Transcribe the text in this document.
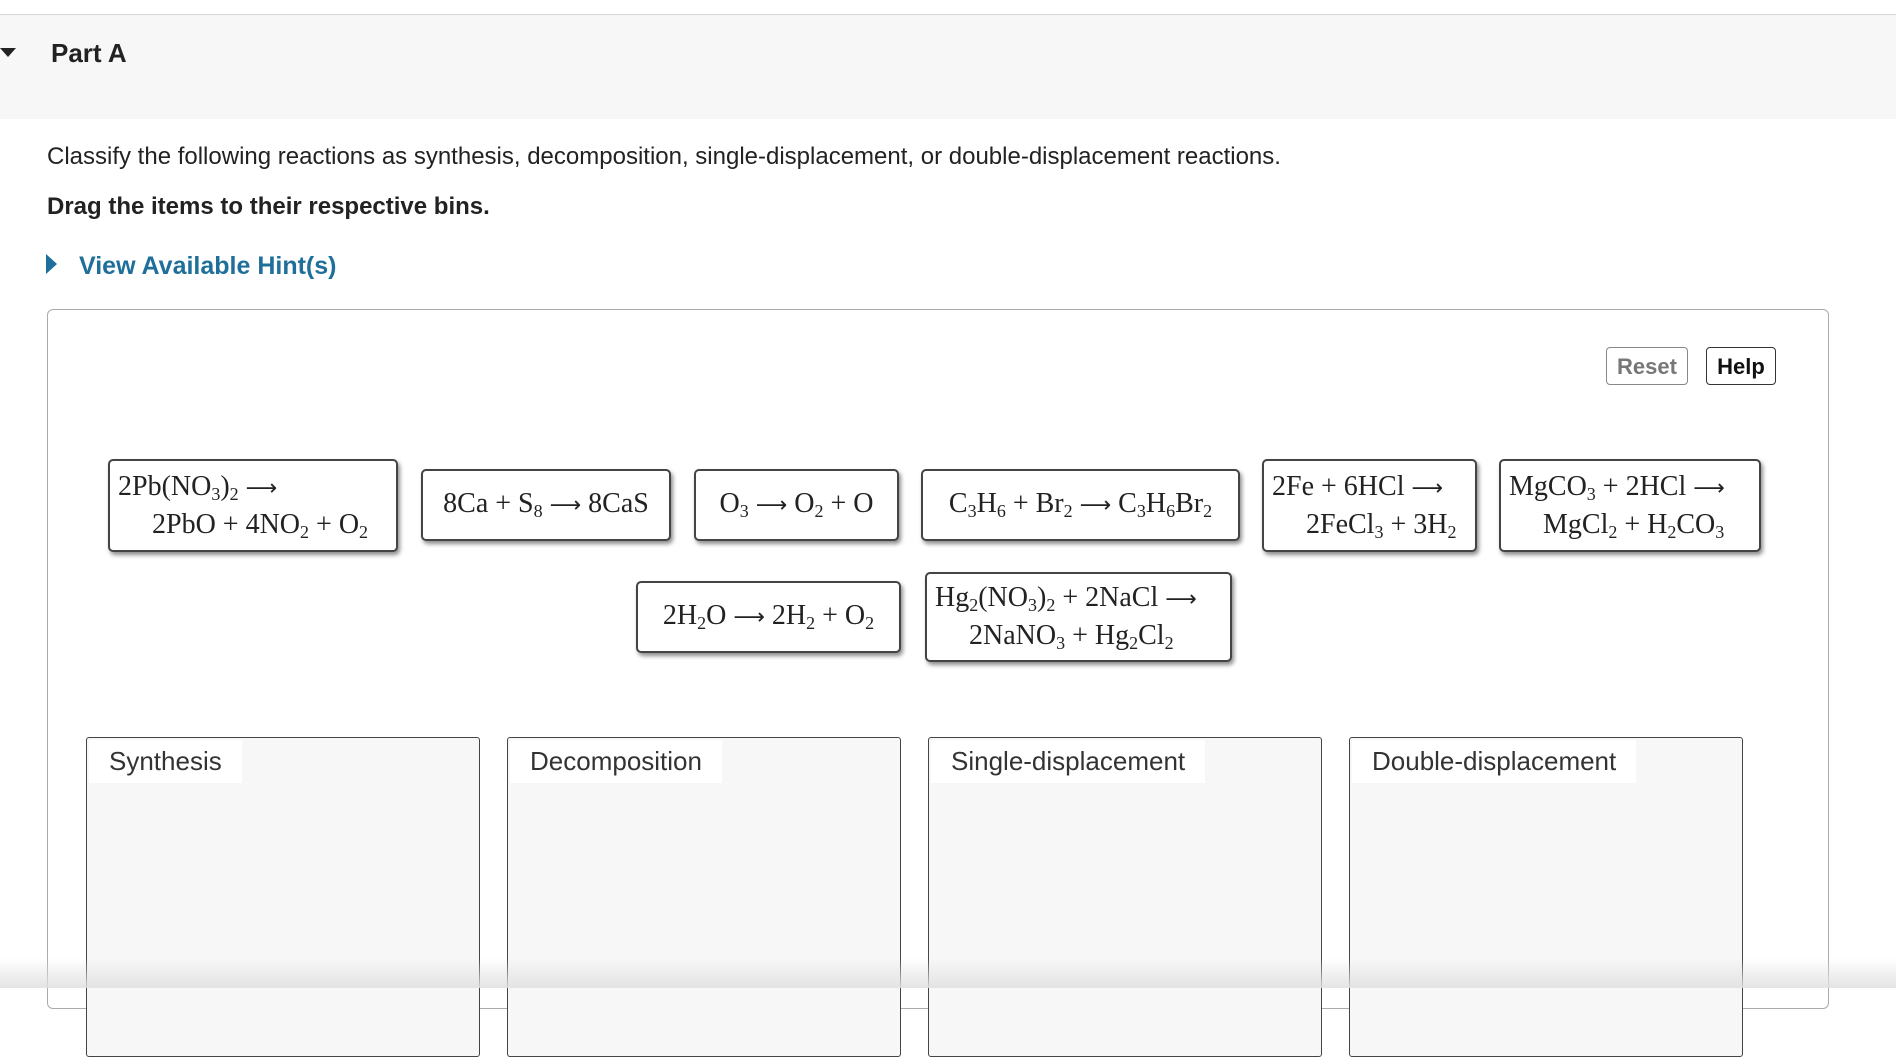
Part A
Classify the following reactions as synthesis, decomposition, single-displacement, or double-displacement reactions.
Drag the items to their respective bins.
View Available Hint(s)
Reset	Help
$2Pb(NO_3)_2$ ⟶
$2PbO + 4NO_2 + O_2$
$8Ca + S_8$ ⟶ 8CaS	$O_3$ ⟶ $O_2 + O$	$C_3H_6 + Br_2$ ⟶ $C_3H_6Br_2$
2Fe + 6HCl ⟶
2FeCl$_3$ + $3H_2$
MgCO$_3$ + 2HCl ⟶
MgCl$_2$ + $H_2CO_3$
$2H_2O$ ⟶ $2H_2 + O_2$
$Hg_2(NO_3)_2$ + 2NaCl ⟶
2NaNO$_3$ + $Hg_2Cl_2$
Synthesis	Decomposition	Single-displacement	Double-displacement
